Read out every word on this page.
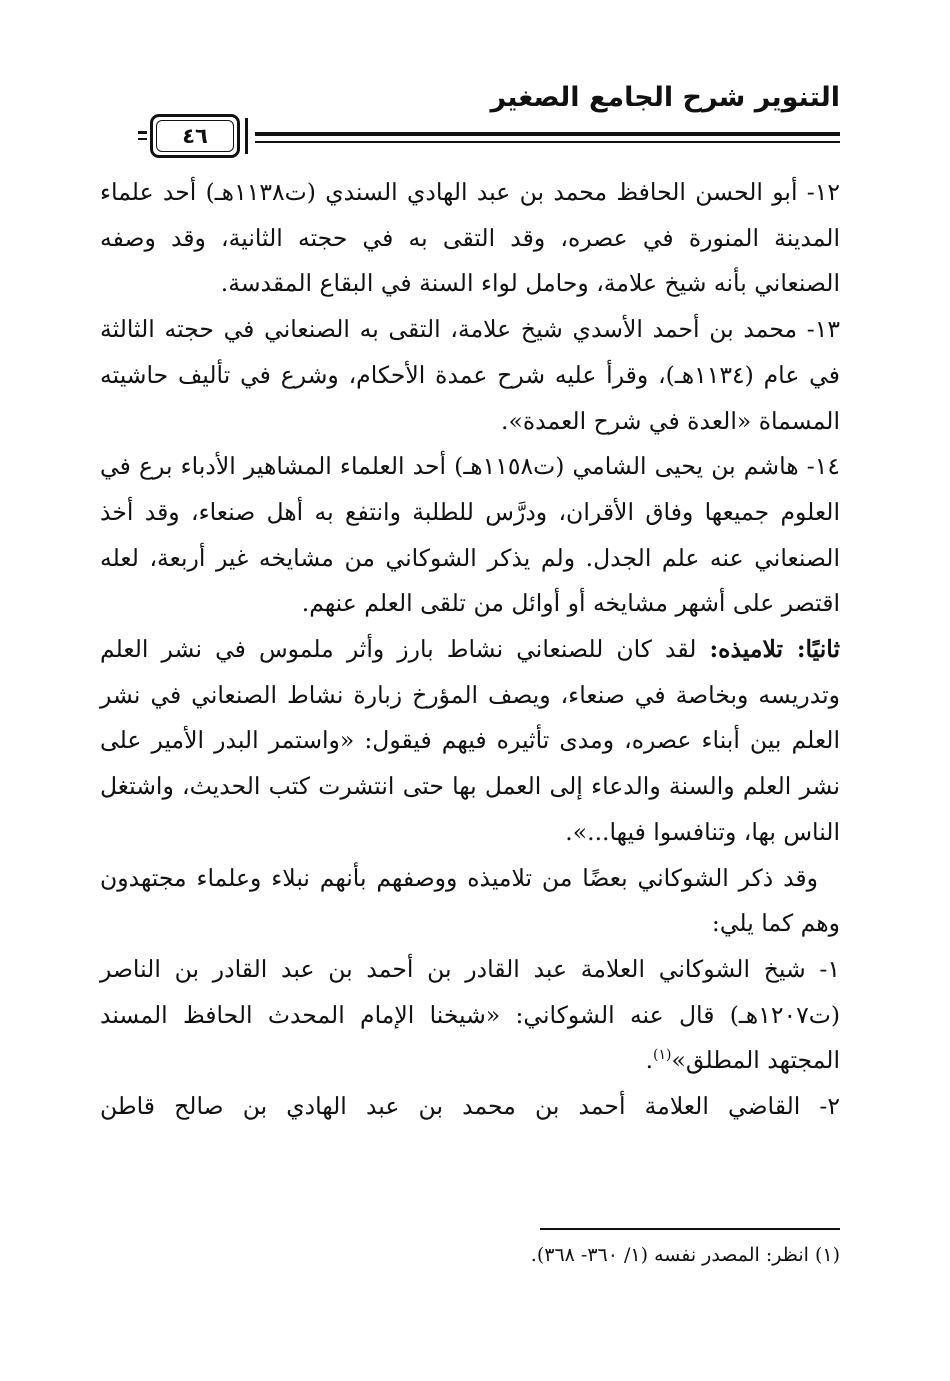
التنوير شرح الجامع الصغير
٤٦

١٢- أبو الحسن الحافظ محمد بن عبد الهادي السندي (ت١١٣٨هـ) أحد علماء المدينة المنورة في عصره، وقد التقى به في حجته الثانية، وقد وصفه الصنعاني بأنه شيخ علامة، وحامل لواء السنة في البقاع المقدسة.

١٣- محمد بن أحمد الأسدي شيخ علامة، التقى به الصنعاني في حجته الثالثة في عام (١١٣٤هـ)، وقرأ عليه شرح عمدة الأحكام، وشرع في تأليف حاشيته المسماة «العدة في شرح العمدة».

١٤- هاشم بن يحيى الشامي (ت١١٥٨هـ) أحد العلماء المشاهير الأدباء برع في العلوم جميعها وفاق الأقران، ودرَّس للطلبة وانتفع به أهل صنعاء، وقد أخذ الصنعاني عنه علم الجدل. ولم يذكر الشوكاني من مشايخه غير أربعة، لعله اقتصر على أشهر مشايخه أو أوائل من تلقى العلم عنهم.

ثانيًا: تلاميذه: لقد كان للصنعاني نشاط بارز وأثر ملموس في نشر العلم وتدريسه وبخاصة في صنعاء، ويصف المؤرخ زبارة نشاط الصنعاني في نشر العلم بين أبناء عصره، ومدى تأثيره فيهم فيقول: «واستمر البدر الأمير على نشر العلم والسنة والدعاء إلى العمل بها حتى انتشرت كتب الحديث، واشتغل الناس بها، وتنافسوا فيها...».

وقد ذكر الشوكاني بعضًا من تلاميذه ووصفهم بأنهم نبلاء وعلماء مجتهدون وهم كما يلي:

١- شيخ الشوكاني العلامة عبد القادر بن أحمد بن عبد القادر بن الناصر (ت١٢٠٧هـ) قال عنه الشوكاني: «شيخنا الإمام المحدث الحافظ المسند المجتهد المطلق»$^{(١)}$.

٢- القاضي العلامة أحمد بن محمد بن عبد الهادي بن صالح قاطن

(١) انظر: المصدر نفسه (١/ ٣٦٠- ٣٦٨).
